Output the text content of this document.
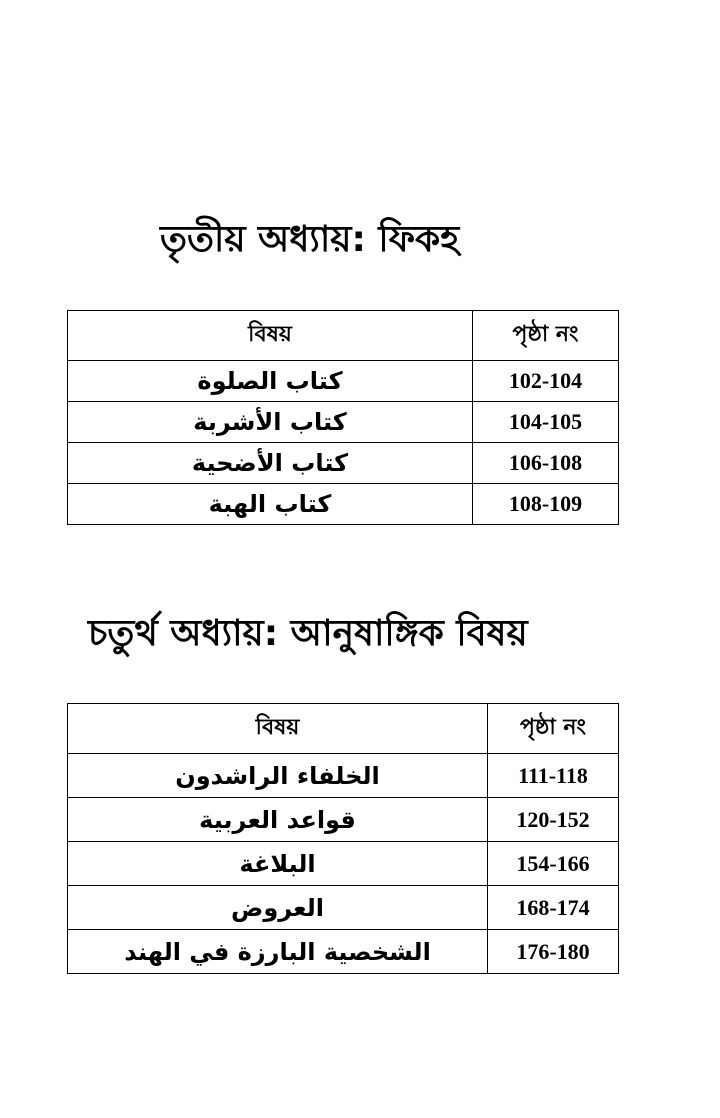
তৃতীয় অধ্যায়: ফিকহ
বিষয়	পৃষ্ঠা নং
كتاب الصلوة	102-104
كتاب الأشربة	104-105
كتاب الأضحية	106-108
كتاب الهبة	108-109
চতুর্থ অধ্যায়: আনুষাঙ্গিক বিষয়
বিষয়	পৃষ্ঠা নং
الخلفاء الراشدون	111-118
قواعد العربية	120-152
البلاغة	154-166
العروض	168-174
الشخصية البارزة في الهند	176-180
